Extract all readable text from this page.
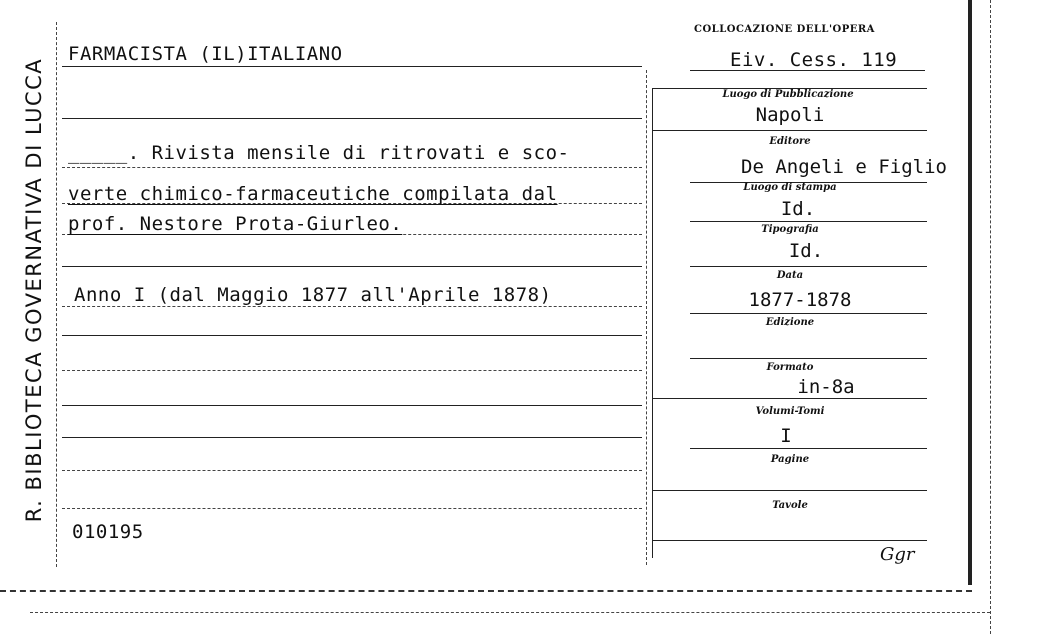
R. BIBLIOTECA GOVERNATIVA DI LUCCA
COLLOCAZIONE DELL'OPERA
Eiv. Cess. 119
FARMACISTA (IL)ITALIANO
_____. Rivista mensile di ritrovati e sco-
verte chimico-farmaceutiche compilata dal
prof. Nestore Prota-Giurleo.
Anno I (dal Maggio 1877 all'Aprile 1878)
010195
Luogo di Pubblicazione
Napoli
Editore
De Angeli e Figlio
Luogo di stampa
Id.
Tipografia
Id.
Data
1877-1878
Edizione
Formato
in-8a
Volumi-Tomi
I
Pagine
Tavole
Ggr
